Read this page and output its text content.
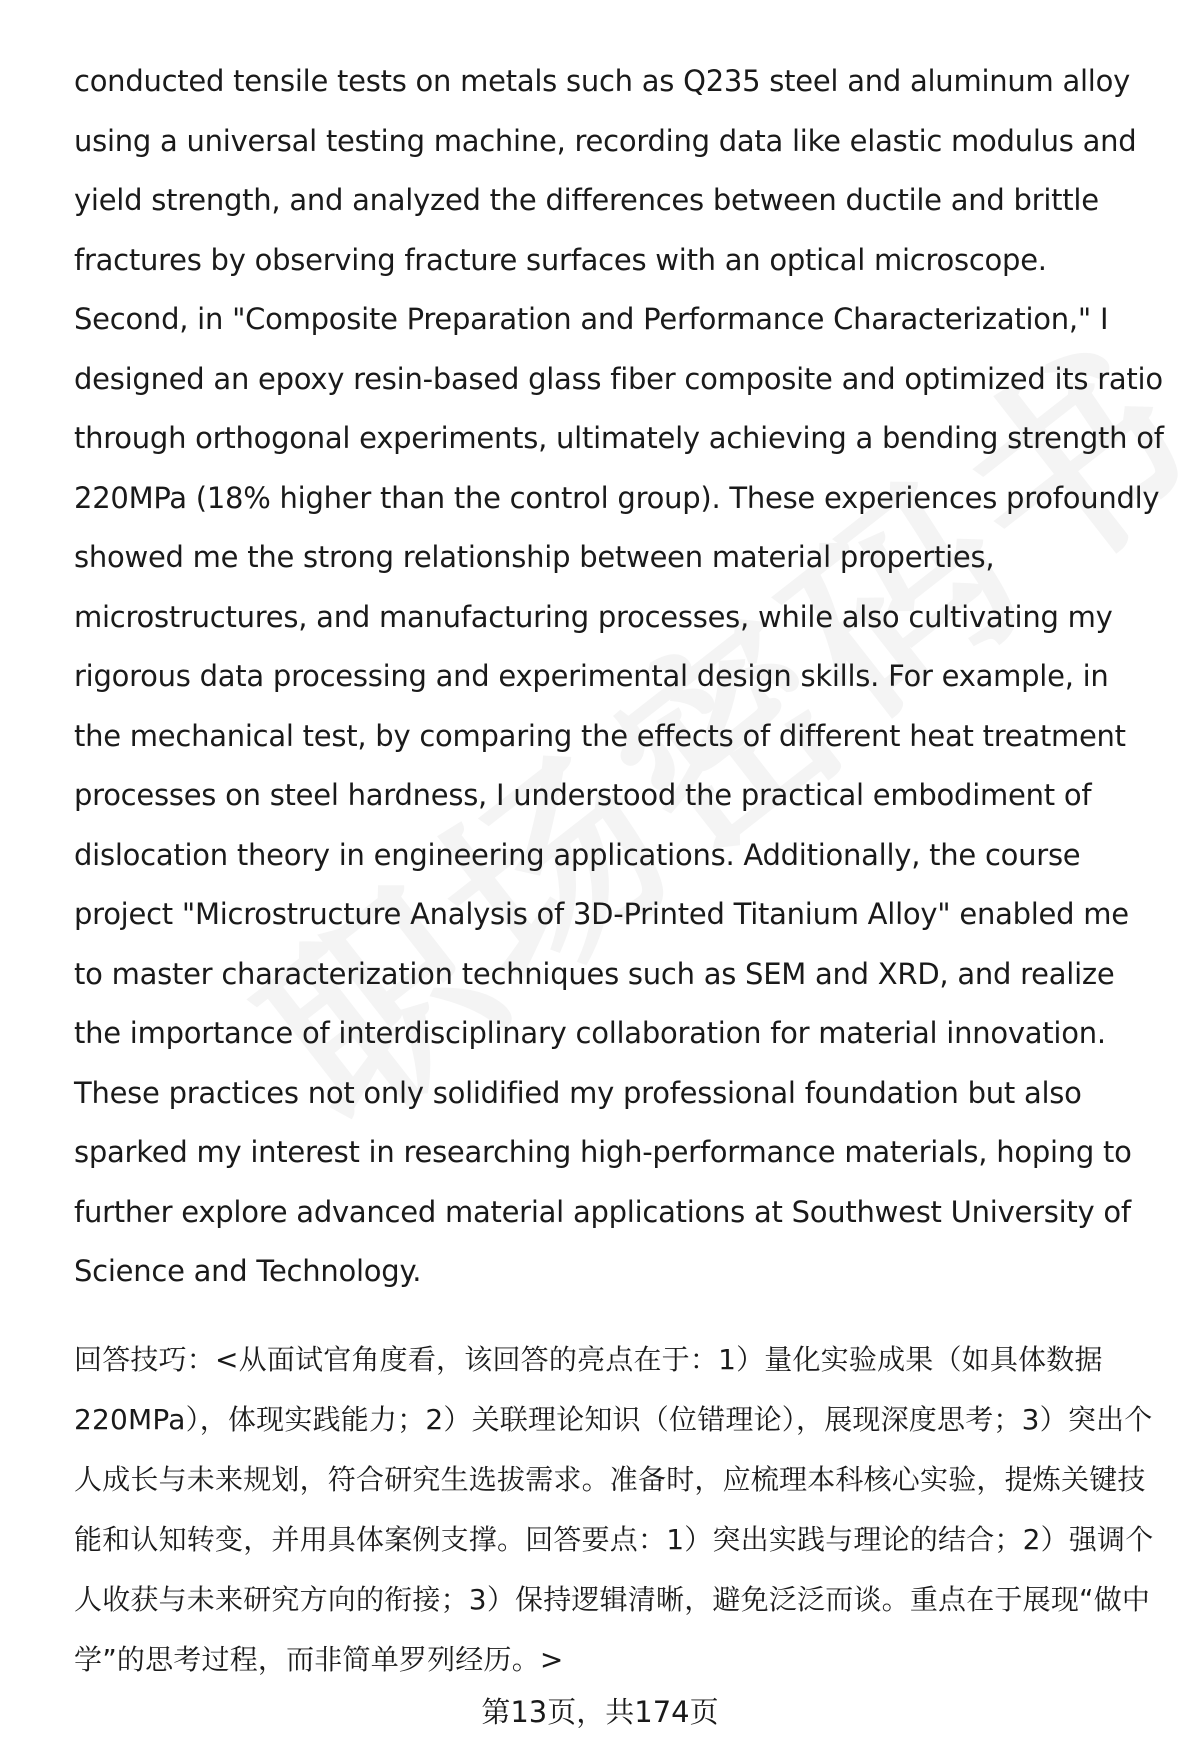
conducted tensile tests on metals such as Q235 steel and aluminum alloy using a universal testing machine, recording data like elastic modulus and yield strength, and analyzed the differences between ductile and brittle fractures by observing fracture surfaces with an optical microscope. Second, in "Composite Preparation and Performance Characterization," I designed an epoxy resin-based glass fiber composite and optimized its ratio through orthogonal experiments, ultimately achieving a bending strength of 220MPa (18% higher than the control group). These experiences profoundly showed me the strong relationship between material properties, microstructures, and manufacturing processes, while also cultivating my rigorous data processing and experimental design skills. For example, in the mechanical test, by comparing the effects of different heat treatment processes on steel hardness, I understood the practical embodiment of dislocation theory in engineering applications. Additionally, the course project "Microstructure Analysis of 3D-Printed Titanium Alloy" enabled me to master characterization techniques such as SEM and XRD, and realize the importance of interdisciplinary collaboration for material innovation. These practices not only solidified my professional foundation but also sparked my interest in researching high-performance materials, hoping to further explore advanced material applications at Southwest University of Science and Technology.

回答技巧：<从面试官角度看，该回答的亮点在于：1）量化实验成果（如具体数据220MPa），体现实践能力；2）关联理论知识（位错理论），展现深度思考；3）突出个人成长与未来规划，符合研究生选拔需求。准备时，应梳理本科核心实验，提炼关键技能和认知转变，并用具体案例支撑。回答要点：1）突出实践与理论的结合；2）强调个人收获与未来研究方向的衔接；3）保持逻辑清晰，避免泛泛而谈。重点在于展现“做中学”的思考过程，而非简单罗列经历。>

第13页，共174页
